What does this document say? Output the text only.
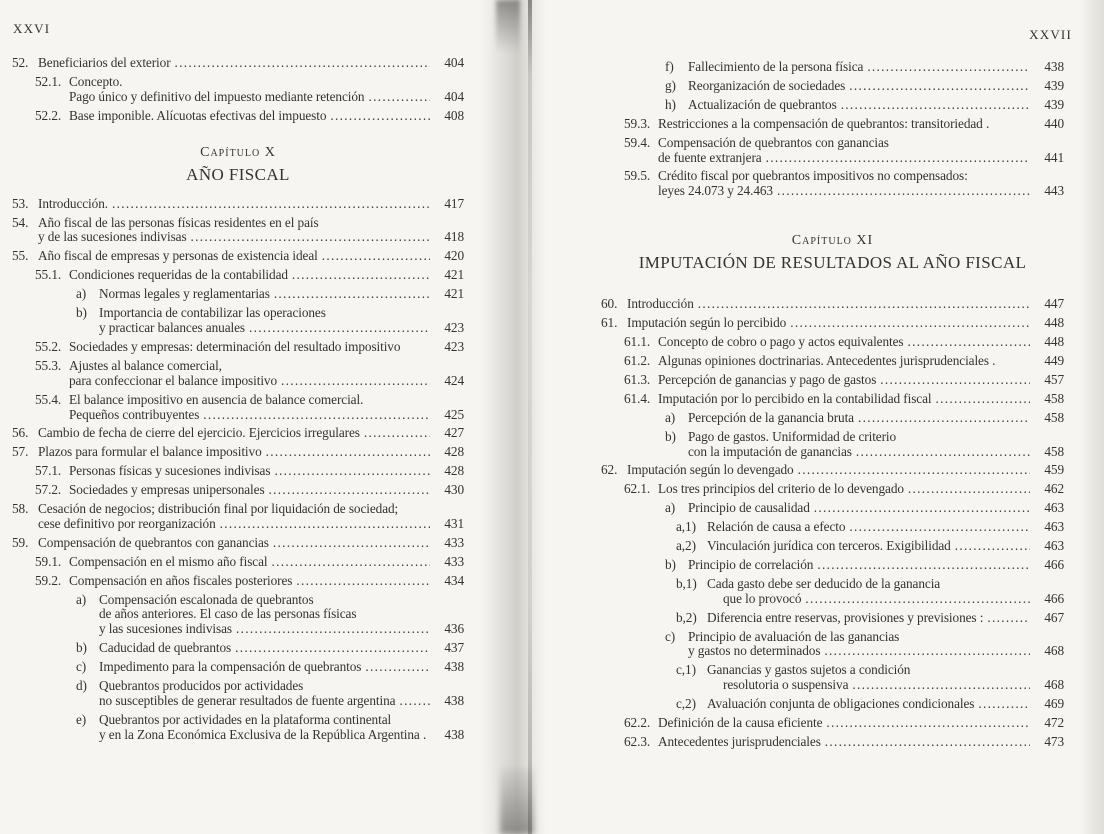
XXVI
52. Beneficiarios del exterior .....	404
52.1. Concepto.
Pago único y definitivo del impuesto mediante retención .....	404
52.2. Base imponible. Alícuotas efectivas del impuesto .....	408
Capítulo X
AÑO FISCAL
53. Introducción. .....	417
54. Año fiscal de las personas físicas residentes en el país
y de las sucesiones indivisas .....	418
55. Año fiscal de empresas y personas de existencia ideal .....	420
55.1. Condiciones requeridas de la contabilidad .....	421
a) Normas legales y reglamentarias .....	421
b) Importancia de contabilizar las operaciones
y practicar balances anuales .....	423
55.2. Sociedades y empresas: determinación del resultado impositivo	423
55.3. Ajustes al balance comercial,
para confeccionar el balance impositivo .....	424
55.4. El balance impositivo en ausencia de balance comercial.
Pequeños contribuyentes .....	425
56. Cambio de fecha de cierre del ejercicio. Ejercicios irregulares .....	427
57. Plazos para formular el balance impositivo .....	428
57.1. Personas físicas y sucesiones indivisas .....	428
57.2. Sociedades y empresas unipersonales .....	430
58. Cesación de negocios; distribución final por liquidación de sociedad;
cese definitivo por reorganización .....	431
59. Compensación de quebrantos con ganancias .....	433
59.1. Compensación en el mismo año fiscal .....	433
59.2. Compensación en años fiscales posteriores .....	434
a) Compensación escalonada de quebrantos
de años anteriores. El caso de las personas físicas
y las sucesiones indivisas .....	436
b) Caducidad de quebrantos .....	437
c) Impedimento para la compensación de quebrantos .....	438
d) Quebrantos producidos por actividades
no susceptibles de generar resultados de fuente argentina .....	438
e) Quebrantos por actividades en la plataforma continental
y en la Zona Económica Exclusiva de la República Argentina .	438
XXVII
f)	Fallecimiento de la persona física .....	438
g) Reorganización de sociedades .....	439
h) Actualización de quebrantos .....	439
59.3. Restricciones a la compensación de quebrantos: transitoriedad .	440
59.4. Compensación de quebrantos con ganancias
de fuente extranjera .....	441
59.5. Crédito fiscal por quebrantos impositivos no compensados:
leyes 24.073 y 24.463 .....	443
Capítulo XI
IMPUTACIÓN DE RESULTADOS AL AÑO FISCAL
60. Introducción .....	447
61. Imputación según lo percibido .....	448
61.1. Concepto de cobro o pago y actos equivalentes .....	448
61.2. Algunas opiniones doctrinarias. Antecedentes jurisprudenciales .	449
61.3. Percepción de ganancias y pago de gastos .....	457
61.4. Imputación por lo percibido en la contabilidad fiscal .....	458
a) Percepción de la ganancia bruta .....	458
b) Pago de gastos. Uniformidad de criterio
con la imputación de ganancias .....	458
62. Imputación según lo devengado .....	459
62.1. Los tres principios del criterio de lo devengado .....	462
a) Principio de causalidad .....	463
a,1) Relación de causa a efecto .....	463
a,2) Vinculación jurídica con terceros. Exigibilidad .....	463
b) Principio de correlación .....	466
b,1) Cada gasto debe ser deducido de la ganancia
que lo provocó .....	466
b,2) Diferencia entre reservas, provisiones y previsiones : .....	467
c) Principio de avaluación de las ganancias
y gastos no determinados .....	468
c,1) Ganancias y gastos sujetos a condición
resolutoria o suspensiva .....	468
c,2) Avaluación conjunta de obligaciones condicionales .....	469
62.2. Definición de la causa eficiente .....	472
62.3. Antecedentes jurisprudenciales .....	473
